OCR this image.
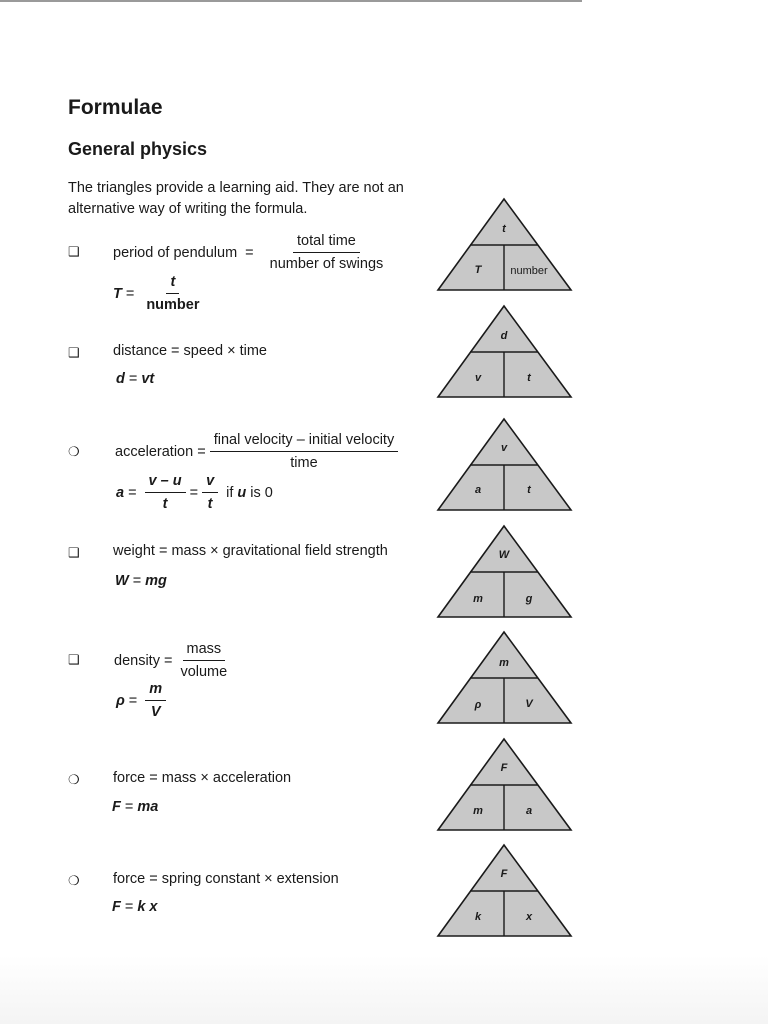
Formulae
General physics
The triangles provide a learning aid. They are not an alternative way of writing the formula.
❑ period of pendulum = $\frac{\text{total time}}{\text{number of swings}}$
$T = \frac{t}{\text{number}}$
t
T	number
❑ distance = speed × time
d = vt
d
v	t
❍ acceleration = $\frac{\text{final velocity – initial velocity}}{\text{time}}$
$a = \frac{v - u}{t} = \frac{v}{t}$ if u is 0
v
a	t
❑ weight = mass × gravitational field strength
W = mg
W
m	g
❑ density = $\frac{\text{mass}}{\text{volume}}$
$\rho = \frac{m}{V}$
m
ρ	V
❍ force = mass × acceleration
F = ma
F
m	a
❍ force = spring constant × extension
F = k x
F
k	x
